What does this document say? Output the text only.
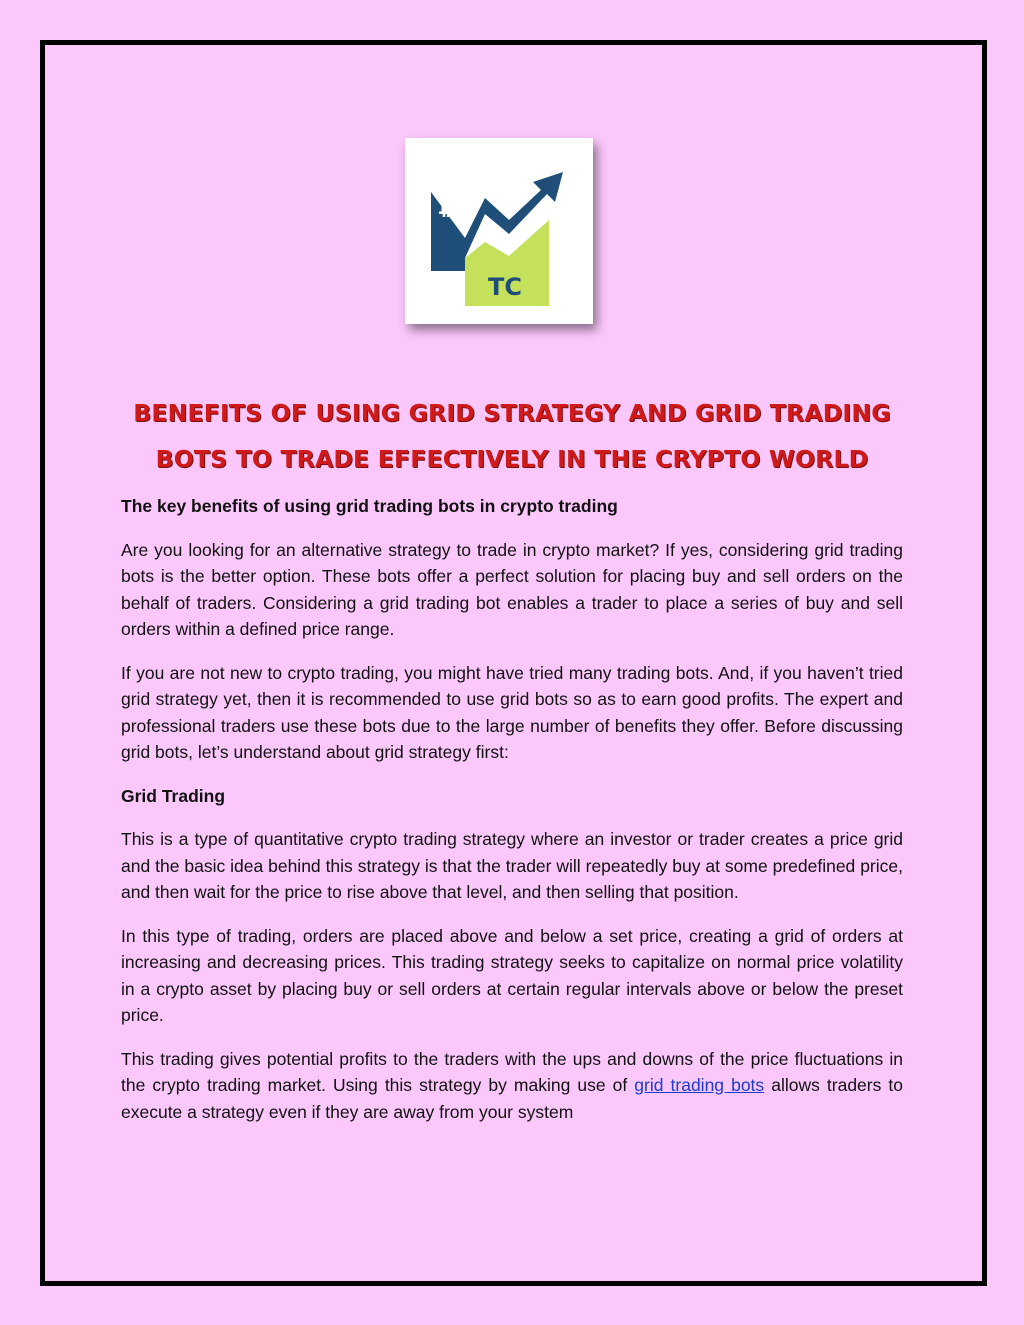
₿
TC
BENEFITS OF USING GRID STRATEGY AND GRID TRADING
BOTS TO TRADE EFFECTIVELY IN THE CRYPTO WORLD

The key benefits of using grid trading bots in crypto trading

Are you looking for an alternative strategy to trade in crypto market? If yes, considering grid trading bots is the better option. These bots offer a perfect solution for placing buy and sell orders on the behalf of traders. Considering a grid trading bot enables a trader to place a series of buy and sell orders within a defined price range.

If you are not new to crypto trading, you might have tried many trading bots. And, if you haven’t tried grid strategy yet, then it is recommended to use grid bots so as to earn good profits. The expert and professional traders use these bots due to the large number of benefits they offer. Before discussing grid bots, let’s understand about grid strategy first:

Grid Trading

This is a type of quantitative crypto trading strategy where an investor or trader creates a price grid and the basic idea behind this strategy is that the trader will repeatedly buy at some predefined price, and then wait for the price to rise above that level, and then selling that position.

In this type of trading, orders are placed above and below a set price, creating a grid of orders at increasing and decreasing prices. This trading strategy seeks to capitalize on normal price volatility in a crypto asset by placing buy or sell orders at certain regular intervals above or below the preset price.

This trading gives potential profits to the traders with the ups and downs of the price fluctuations in the crypto trading market. Using this strategy by making use of grid trading bots allows traders to execute a strategy even if they are away from your system
